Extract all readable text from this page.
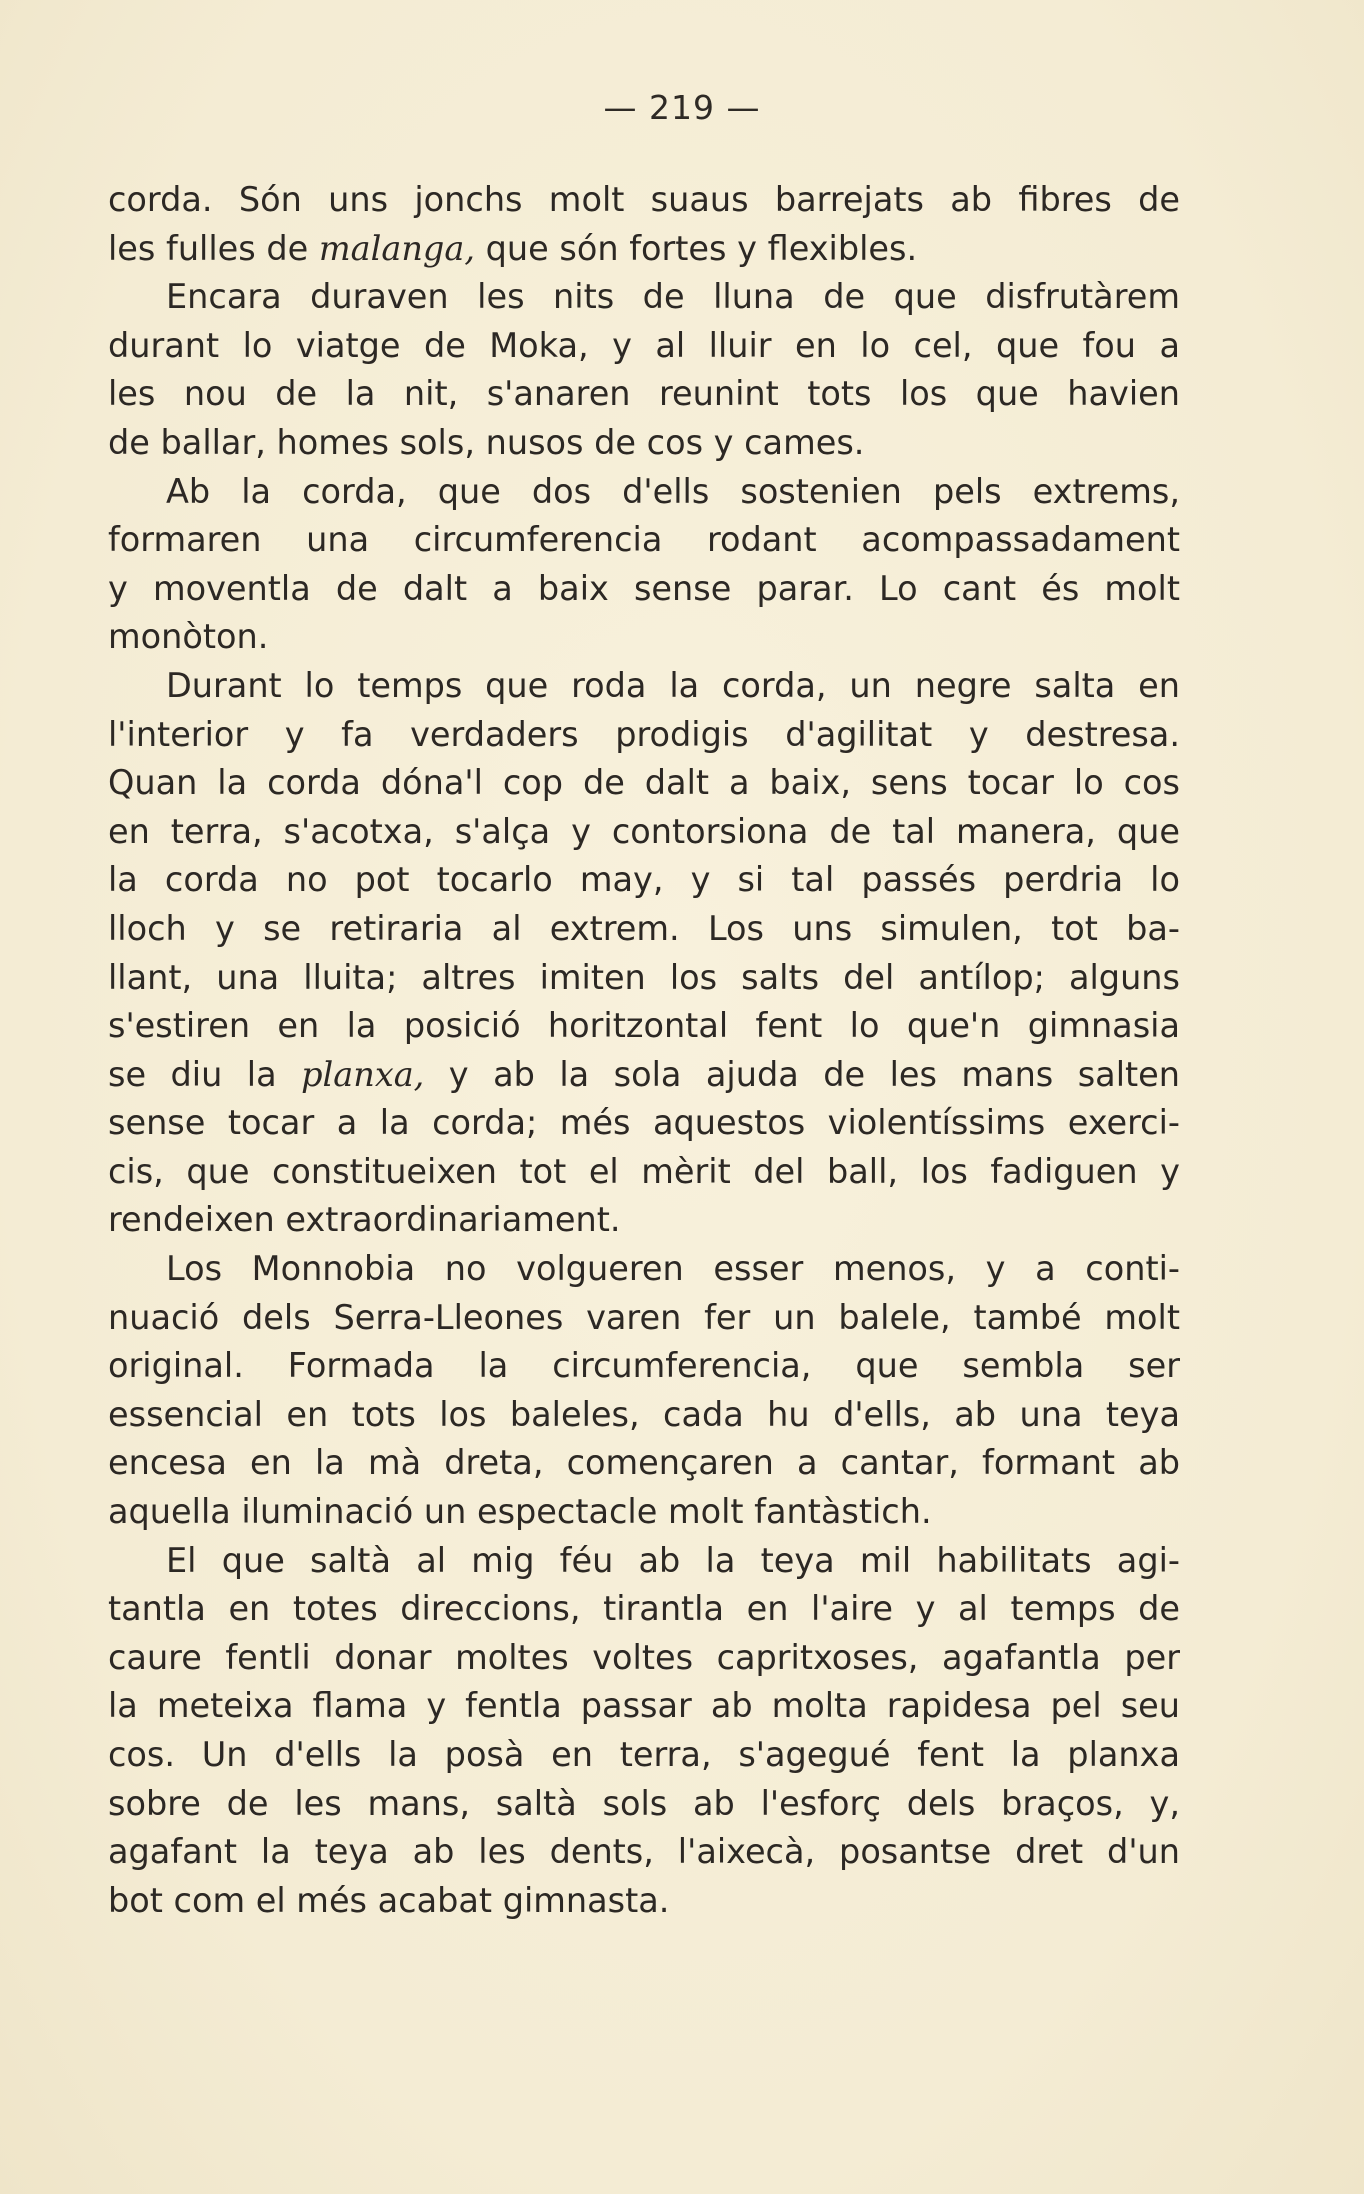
— 219 —
corda. Són uns jonchs molt suaus barrejats ab fibres de
les fulles de malanga, que són fortes y flexibles.
Encara duraven les nits de lluna de que disfrutàrem
durant lo viatge de Moka, y al lluir en lo cel, que fou a
les nou de la nit, s'anaren reunint tots los que havien
de ballar, homes sols, nusos de cos y cames.
Ab la corda, que dos d'ells sostenien pels extrems,
formaren una circumferencia rodant acompassadament
y moventla de dalt a baix sense parar. Lo cant és molt
monòton.
Durant lo temps que roda la corda, un negre salta en
l'interior y fa verdaders prodigis d'agilitat y destresa.
Quan la corda dóna'l cop de dalt a baix, sens tocar lo cos
en terra, s'acotxa, s'alça y contorsiona de tal manera, que
la corda no pot tocarlo may, y si tal passés perdria lo
lloch y se retiraria al extrem. Los uns simulen, tot ba-
llant, una lluita; altres imiten los salts del antílop; alguns
s'estiren en la posició horitzontal fent lo que'n gimnasia
se diu la planxa, y ab la sola ajuda de les mans salten
sense tocar a la corda; més aquestos violentíssims exerci-
cis, que constitueixen tot el mèrit del ball, los fadiguen y
rendeixen extraordinariament.
Los Monnobia no volgueren esser menos, y a conti-
nuació dels Serra-Lleones varen fer un balele, també molt
original. Formada la circumferencia, que sembla ser
essencial en tots los baleles, cada hu d'ells, ab una teya
encesa en la mà dreta, començaren a cantar, formant ab
aquella iluminació un espectacle molt fantàstich.
El que saltà al mig féu ab la teya mil habilitats agi-
tantla en totes direccions, tirantla en l'aire y al temps de
caure fentli donar moltes voltes capritxoses, agafantla per
la meteixa flama y fentla passar ab molta rapidesa pel seu
cos. Un d'ells la posà en terra, s'agegué fent la planxa
sobre de les mans, saltà sols ab l'esforç dels braços, y,
agafant la teya ab les dents, l'aixecà, posantse dret d'un
bot com el més acabat gimnasta.
